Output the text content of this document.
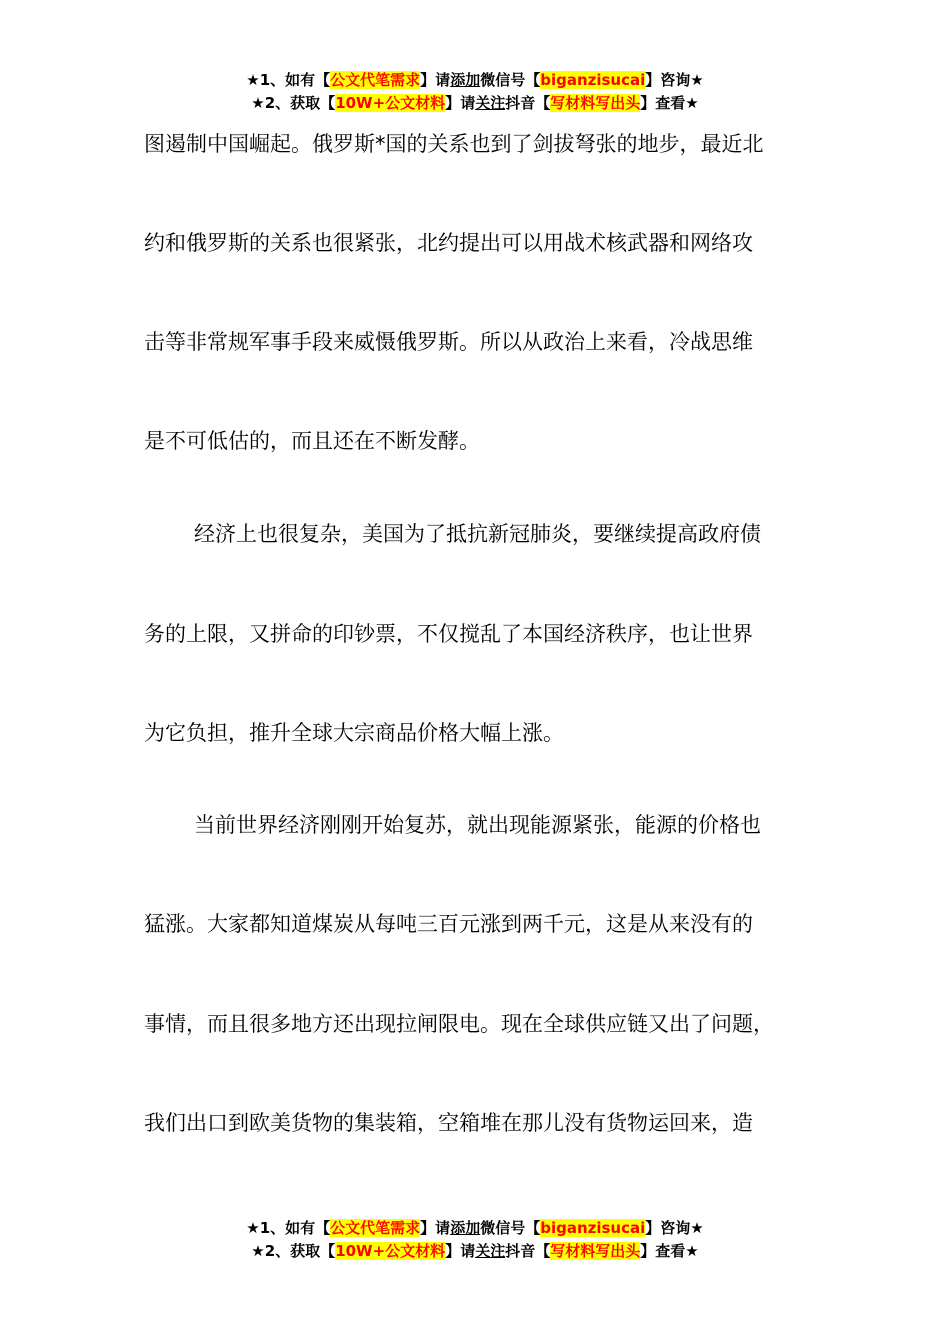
★1、如有【公文代笔需求】请添加微信号【biganzisucai】咨询★
★2、获取【10W+公文材料】请关注抖音【写材料写出头】查看★
图遏制中国崛起。俄罗斯*国的关系也到了剑拔弩张的地步，最近北
约和俄罗斯的关系也很紧张，北约提出可以用战术核武器和网络攻
击等非常规军事手段来威慑俄罗斯。所以从政治上来看，冷战思维
是不可低估的，而且还在不断发酵。
经济上也很复杂，美国为了抵抗新冠肺炎，要继续提高政府债
务的上限，又拼命的印钞票，不仅搅乱了本国经济秩序，也让世界
为它负担，推升全球大宗商品价格大幅上涨。
当前世界经济刚刚开始复苏，就出现能源紧张，能源的价格也
猛涨。大家都知道煤炭从每吨三百元涨到两千元，这是从来没有的
事情，而且很多地方还出现拉闸限电。现在全球供应链又出了问题，
我们出口到欧美货物的集装箱，空箱堆在那儿没有货物运回来，造
★1、如有【公文代笔需求】请添加微信号【biganzisucai】咨询★
★2、获取【10W+公文材料】请关注抖音【写材料写出头】查看★
